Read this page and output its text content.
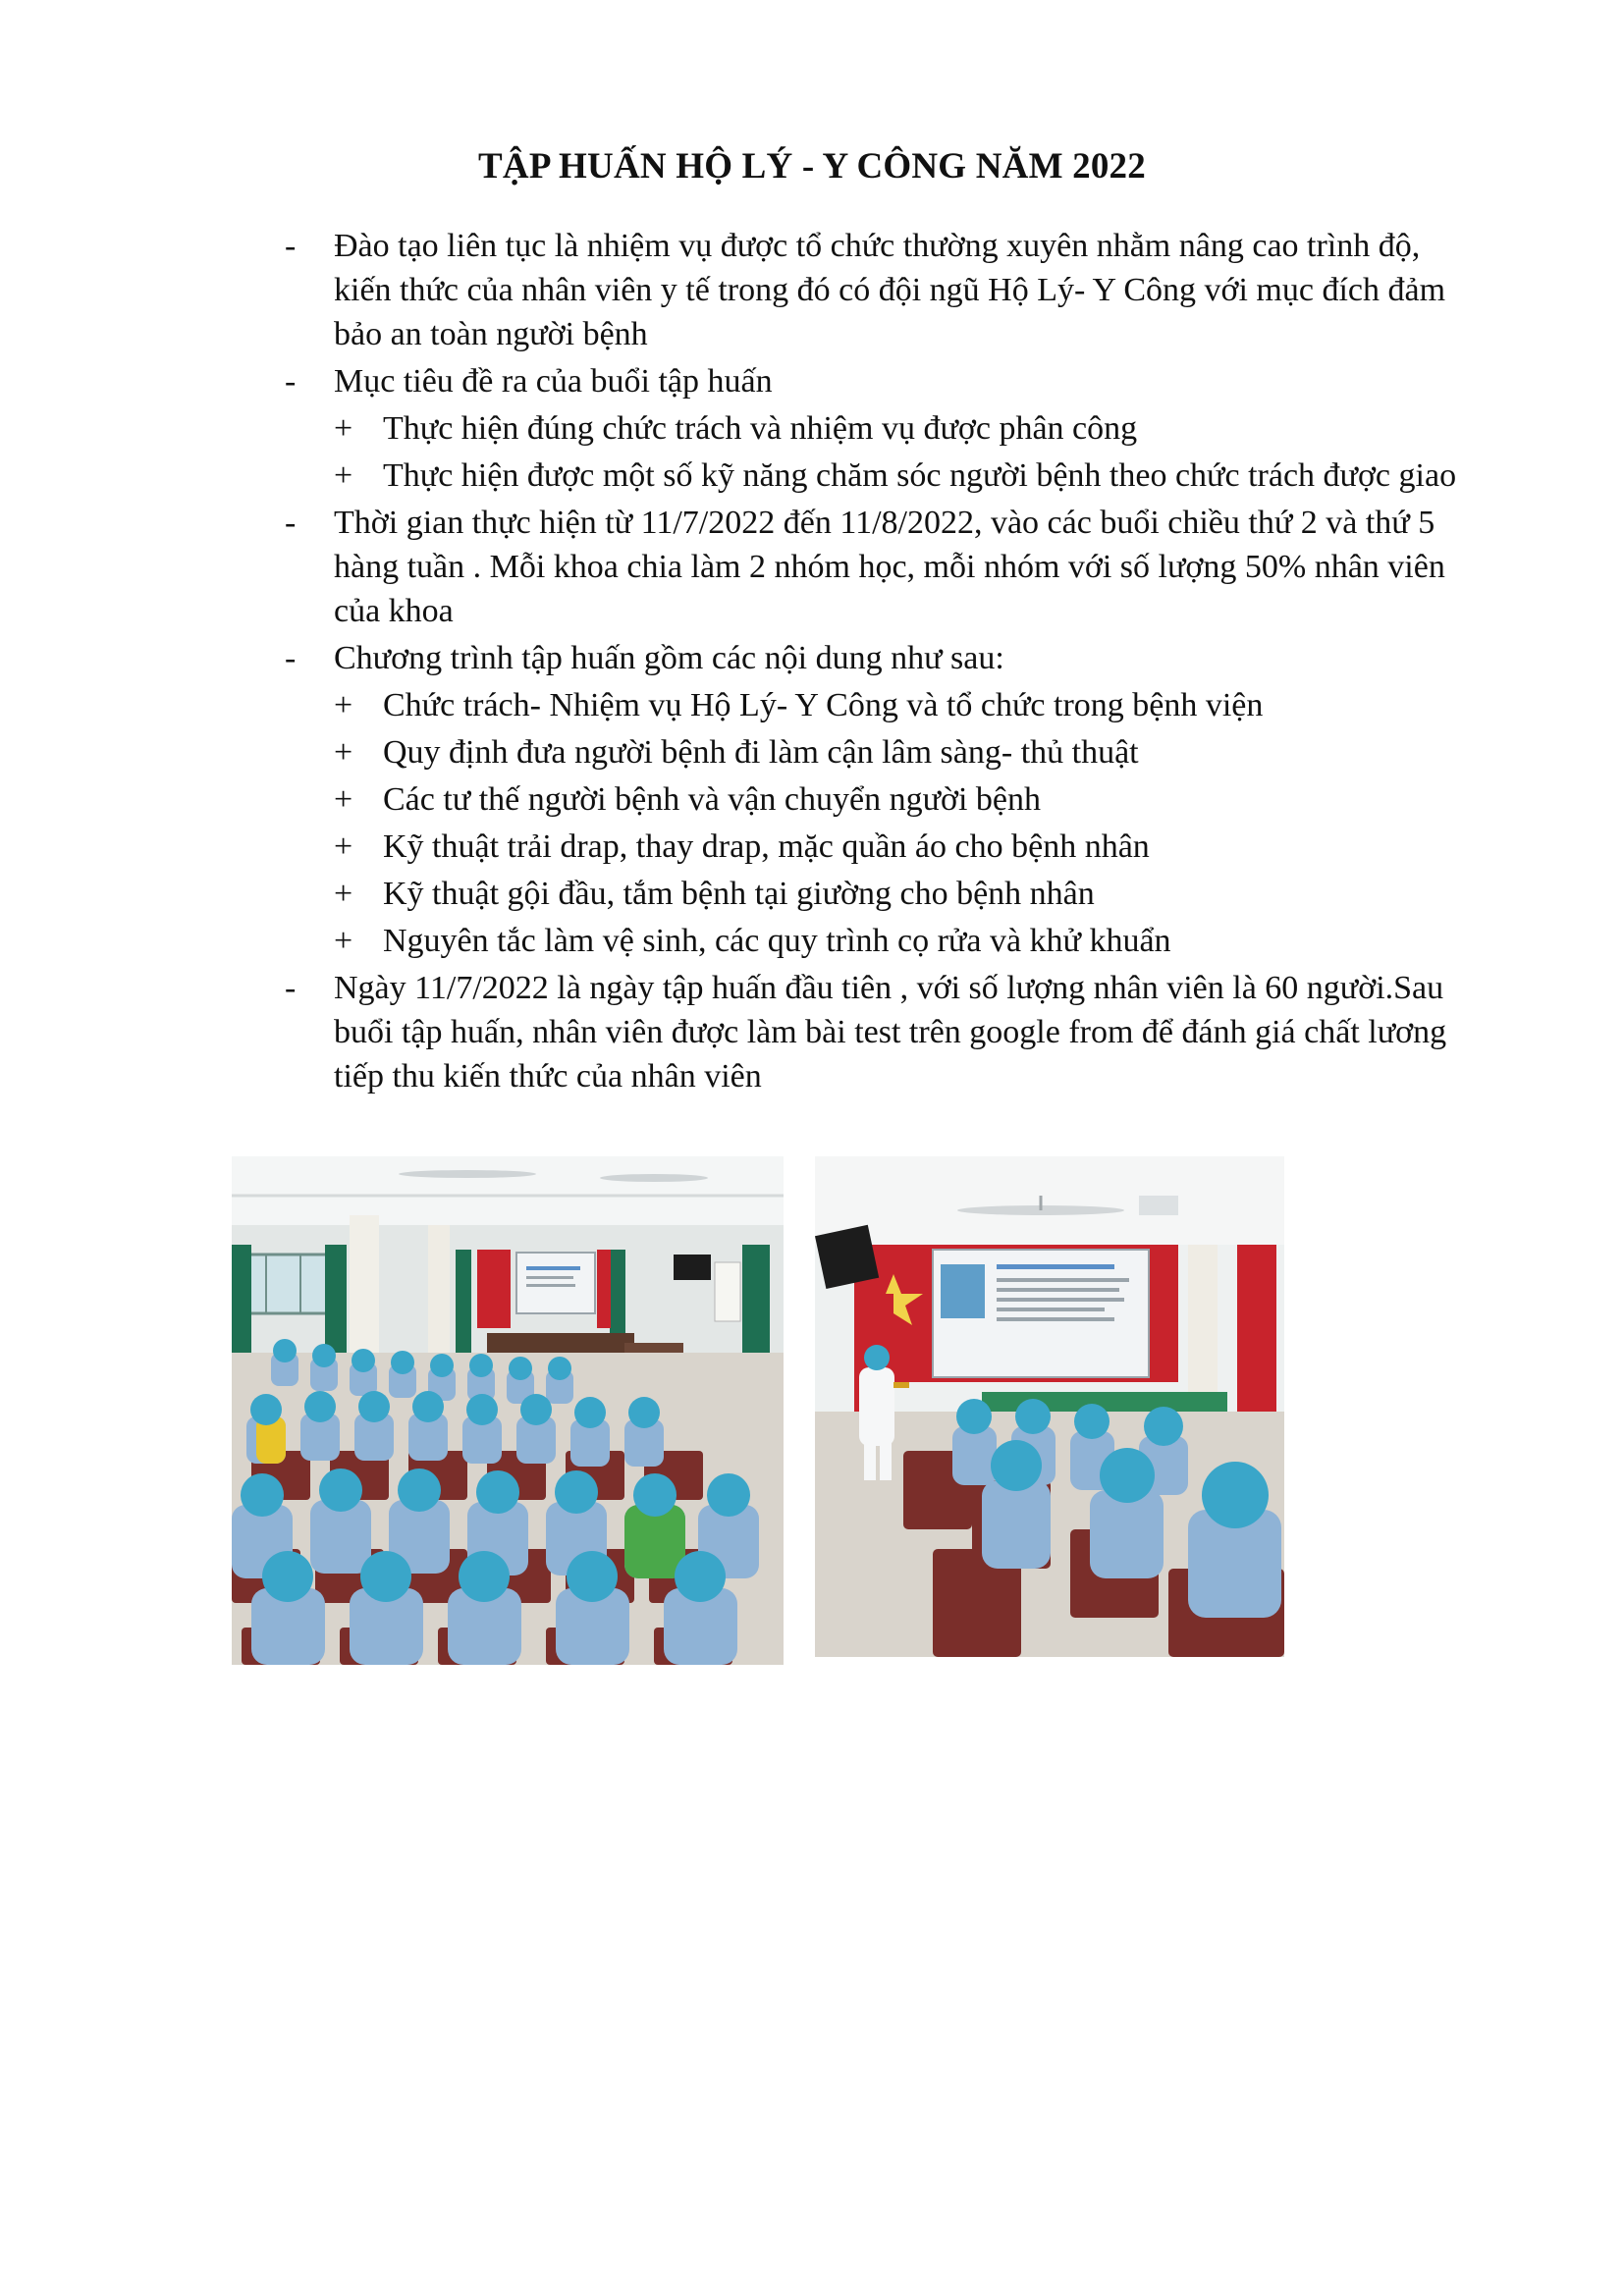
TẬP HUẤN HỘ LÝ - Y CÔNG NĂM 2022
- Đào tạo liên tục là nhiệm vụ được tổ chức thường xuyên nhằm nâng cao trình độ, kiến thức của nhân viên y tế trong đó có đội ngũ Hộ Lý- Y Công với mục đích đảm bảo an toàn người bệnh
- Mục tiêu đề ra của buổi tập huấn
+ Thực hiện đúng chức trách và nhiệm vụ được phân công
+ Thực hiện được một số kỹ năng chăm sóc người bệnh theo chức trách được giao
- Thời gian thực hiện từ 11/7/2022 đến 11/8/2022, vào các buổi chiều thứ 2 và thứ 5 hàng tuần . Mỗi khoa chia làm 2 nhóm học, mỗi nhóm với số lượng 50% nhân viên của khoa
- Chương trình tập huấn gồm các nội dung như sau:
+ Chức trách- Nhiệm vụ Hộ Lý- Y Công và tổ chức trong bệnh viện
+ Quy định đưa người bệnh đi làm cận lâm sàng- thủ thuật
+ Các tư thế người bệnh và vận chuyển người bệnh
+ Kỹ thuật trải drap, thay drap, mặc quần áo cho bệnh nhân
+ Kỹ thuật gội đầu, tắm bệnh tại giường cho bệnh nhân
+ Nguyên tắc làm vệ sinh, các quy trình cọ rửa và khử khuẩn
- Ngày 11/7/2022 là ngày tập huấn đầu tiên , với số lượng nhân viên là 60 người.Sau buổi tập huấn, nhân viên được làm bài test trên google from để đánh giá chất lương tiếp thu kiến thức của nhân viên
